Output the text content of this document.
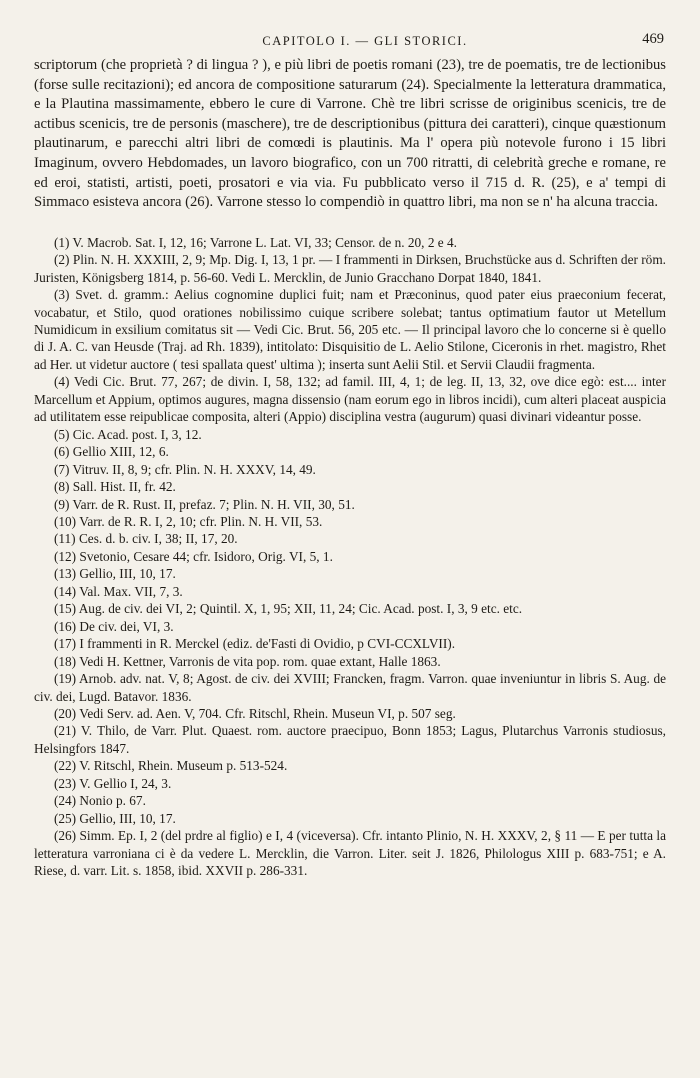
CAPITOLO I. — GLI STORICI.	469

scriptorum (che proprietà ? di lingua ? ), e più libri de poetis romani (23), tre de poematis, tre de lectionibus (forse sulle recitazioni); ed ancora de compositione saturarum (24). Specialmente la letteratura drammatica, e la Plautina massimamente, ebbero le cure di Varrone. Chè tre libri scrisse de originibus scenicis, tre de actibus scenicis, tre de personis (maschere), tre de descriptionibus (pittura dei caratteri), cinque quæstionum plautinarum, e parecchi altri libri de comœdi is plautinis. Ma l' opera più notevole furono i 15 libri Imaginum, ovvero Hebdomades, un lavoro biografico, con un 700 ritratti, di celebrità greche e romane, re ed eroi, statisti, artisti, poeti, prosatori e via via. Fu pubblicato verso il 715 d. R. (25), e a' tempi di Simmaco esisteva ancora (26). Varrone stesso lo compendiò in quattro libri, ma non se n' ha alcuna traccia.

(1) V. Macrob. Sat. I, 12, 16; Varrone L. Lat. VI, 33; Censor. de n. 20, 2 e 4.

(2) Plin. N. H. XXXIII, 2, 9; Mp. Dig. I, 13, 1 pr. — I frammenti in Dirksen, Bruchstücke aus d. Schriften der röm. Juristen, Königsberg 1814, p. 56-60. Vedi L. Mercklin, de Junio Gracchano Dorpat 1840, 1841.

(3) Svet. d. gramm.: Aelius cognomine duplici fuit; nam et Præconinus, quod pater eius praeconium fecerat, vocabatur, et Stilo, quod orationes nobilissimo cuique scribere solebat; tantus optimatium fautor ut Metellum Numidicum in exsilium comitatus sit — Vedi Cic. Brut. 56, 205 etc. — Il principal lavoro che lo concerne si è quello di J. A. C. van Heusde (Traj. ad Rh. 1839), intitolato: Disquisitio de L. Aelio Stilone, Ciceronis in rhet. magistro, Rhet ad Her. ut videtur auctore ( tesi spallata quest' ultima ); inserta sunt Aelii Stil. et Servii Claudii fragmenta.

(4) Vedi Cic. Brut. 77, 267; de divin. I, 58, 132; ad famil. III, 4, 1; de leg. II, 13, 32, ove dice egò: est.... inter Marcellum et Appium, optimos augures, magna dissensio (nam eorum ego in libros incidi), cum alteri placeat auspicia ad utilitatem esse reipublicae composita, alteri (Appio) disciplina vestra (augurum) quasi divinari videantur posse.

(5) Cic. Acad. post. I, 3, 12.

(6) Gellio XIII, 12, 6.

(7) Vitruv. II, 8, 9; cfr. Plin. N. H. XXXV, 14, 49.

(8) Sall. Hist. II, fr. 42.

(9) Varr. de R. Rust. II, prefaz. 7; Plin. N. H. VII, 30, 51.

(10) Varr. de R. R. I, 2, 10; cfr. Plin. N. H. VII, 53.

(11) Ces. d. b. civ. I, 38; II, 17, 20.

(12) Svetonio, Cesare 44; cfr. Isidoro, Orig. VI, 5, 1.

(13) Gellio, III, 10, 17.

(14) Val. Max. VII, 7, 3.

(15) Aug. de civ. dei VI, 2; Quintil. X, 1, 95; XII, 11, 24; Cic. Acad. post. I, 3, 9 etc. etc.

(16) De civ. dei, VI, 3.

(17) I frammenti in R. Merckel (ediz. de'Fasti di Ovidio, p CVI-CCXLVII).

(18) Vedi H. Kettner, Varronis de vita pop. rom. quae extant, Halle 1863.

(19) Arnob. adv. nat. V, 8; Agost. de civ. dei XVIII; Francken, fragm. Varron. quae inveniuntur in libris S. Aug. de civ. dei, Lugd. Batavor. 1836.

(20) Vedi Serv. ad. Aen. V, 704. Cfr. Ritschl, Rhein. Museun VI, p. 507 seg.

(21) V. Thilo, de Varr. Plut. Quaest. rom. auctore praecipuo, Bonn 1853; Lagus, Plutarchus Varronis studiosus, Helsingfors 1847.

(22) V. Ritschl, Rhein. Museum p. 513-524.

(23) V. Gellio I, 24, 3.

(24) Nonio p. 67.

(25) Gellio, III, 10, 17.

(26) Simm. Ep. I, 2 (del prdre al figlio) e I, 4 (viceversa). Cfr. intanto Plinio, N. H. XXXV, 2, § 11 — E per tutta la letteratura varroniana ci è da vedere L. Mercklin, die Varron. Liter. seit J. 1826, Philologus XIII p. 683-751; e A. Riese, d. varr. Lit. s. 1858, ibid. XXVII p. 286-331.
